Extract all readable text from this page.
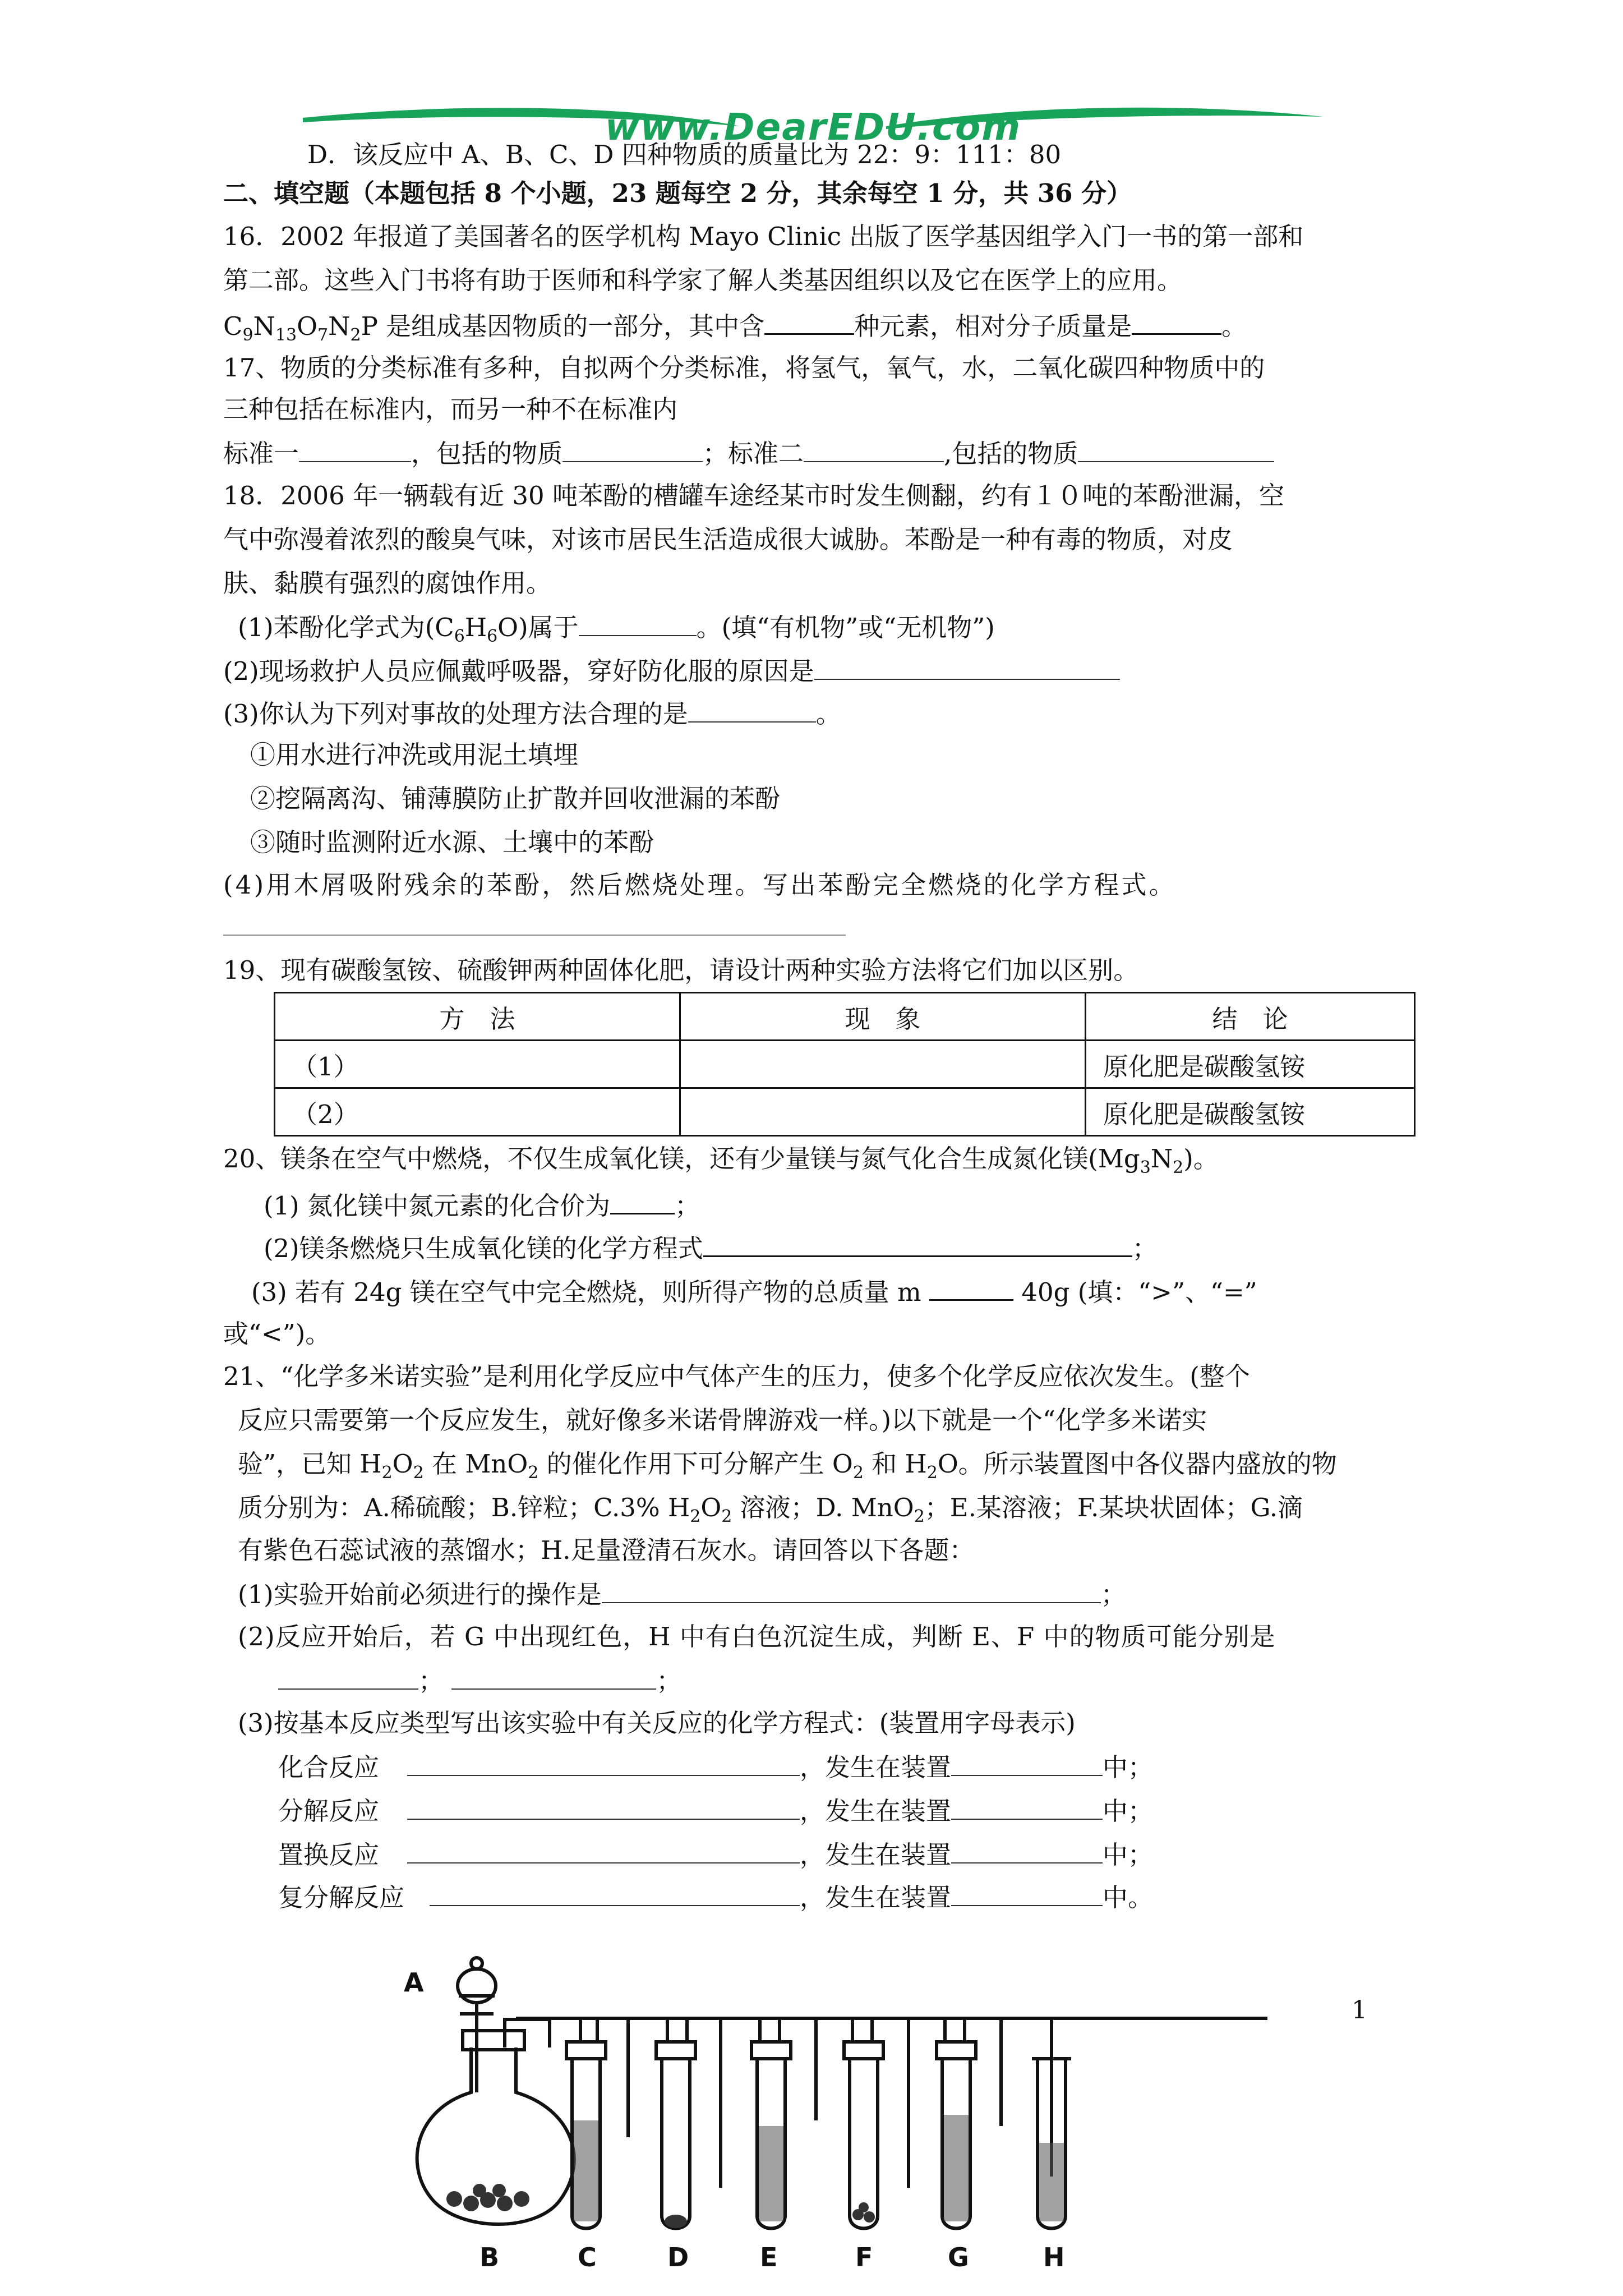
www.DearEDU.com
D．该反应中 A、B、C、D 四种物质的质量比为 22：9：111：80
二、填空题（本题包括 8 个小题，23 题每空 2 分，其余每空 1 分，共 36 分）
16．2002 年报道了美国著名的医学机构 Mayo Clinic 出版了医学基因组学入门一书的第一部和
第二部。这些入门书将有助于医师和科学家了解人类基因组织以及它在医学上的应用。
$C_9N_{13}O_7N_2P$ 是组成基因物质的一部分，其中含	种元素，相对分子质量是	。
17、物质的分类标准有多种，自拟两个分类标准，将氢气，氧气，水，二氧化碳四种物质中的
三种包括在标准内，而另一种不在标准内
标准一	，包括的物质	；标准二	,包括的物质
18．2006 年一辆载有近 30 吨苯酚的槽罐车途经某市时发生侧翻，约有１０吨的苯酚泄漏，空
气中弥漫着浓烈的酸臭气味，对该市居民生活造成很大诚胁。苯酚是一种有毒的物质，对皮
肤、黏膜有强烈的腐蚀作用。
(1)苯酚化学式为$(C_6H_6O)$属于	。(填“有机物”或“无机物”)
(2)现场救护人员应佩戴呼吸器，穿好防化服的原因是
(3)你认为下列对事故的处理方法合理的是	。
①用水进行冲洗或用泥土填埋
②挖隔离沟、铺薄膜防止扩散并回收泄漏的苯酚
③随时监测附近水源、土壤中的苯酚
(4)用木屑吸附残余的苯酚，然后燃烧处理。写出苯酚完全燃烧的化学方程式。
19、现有碳酸氢铵、硫酸钾两种固体化肥，请设计两种实验方法将它们加以区别。
方　法	现　象	结　论
（1）		原化肥是碳酸氢铵
（2）		原化肥是碳酸氢铵
20、镁条在空气中燃烧，不仅生成氧化镁，还有少量镁与氮气化合生成氮化镁$(Mg_3N_2)$。
(1) 氮化镁中氮元素的化合价为	；
(2)镁条燃烧只生成氧化镁的化学方程式	；
(3) 若有 24g 镁在空气中完全燃烧，则所得产物的总质量 m	40g (填：“>”、“=”
或“<”)。
21、“化学多米诺实验”是利用化学反应中气体产生的压力，使多个化学反应依次发生。(整个
反应只需要第一个反应发生，就好像多米诺骨牌游戏一样。)以下就是一个“化学多米诺实
验”，已知 $H_2O_2$ 在 MnO$_2$ 的催化作用下可分解产生 $O_2$ 和 $H_2O$。所示装置图中各仪器内盛放的物
质分别为：A.稀硫酸；B.锌粒；C.3% $H_2O_2$ 溶液；D. MnO$_2$；E.某溶液；F.某块状固体；G.滴
有紫色石蕊试液的蒸馏水；H.足量澄清石灰水。请回答以下各题：
(1)实验开始前必须进行的操作是	；
(2)反应开始后，若 G 中出现红色，H 中有白色沉淀生成，判断 E、F 中的物质可能分别是
；	；
(3)按基本反应类型写出该实验中有关反应的化学方程式：(装置用字母表示)
化合反应	，发生在装置	中；
分解反应	，发生在装置	中；
置换反应	，发生在装置	中；
复分解反应	，发生在装置	中。
A
B	C	D	E	F	G	H
1
